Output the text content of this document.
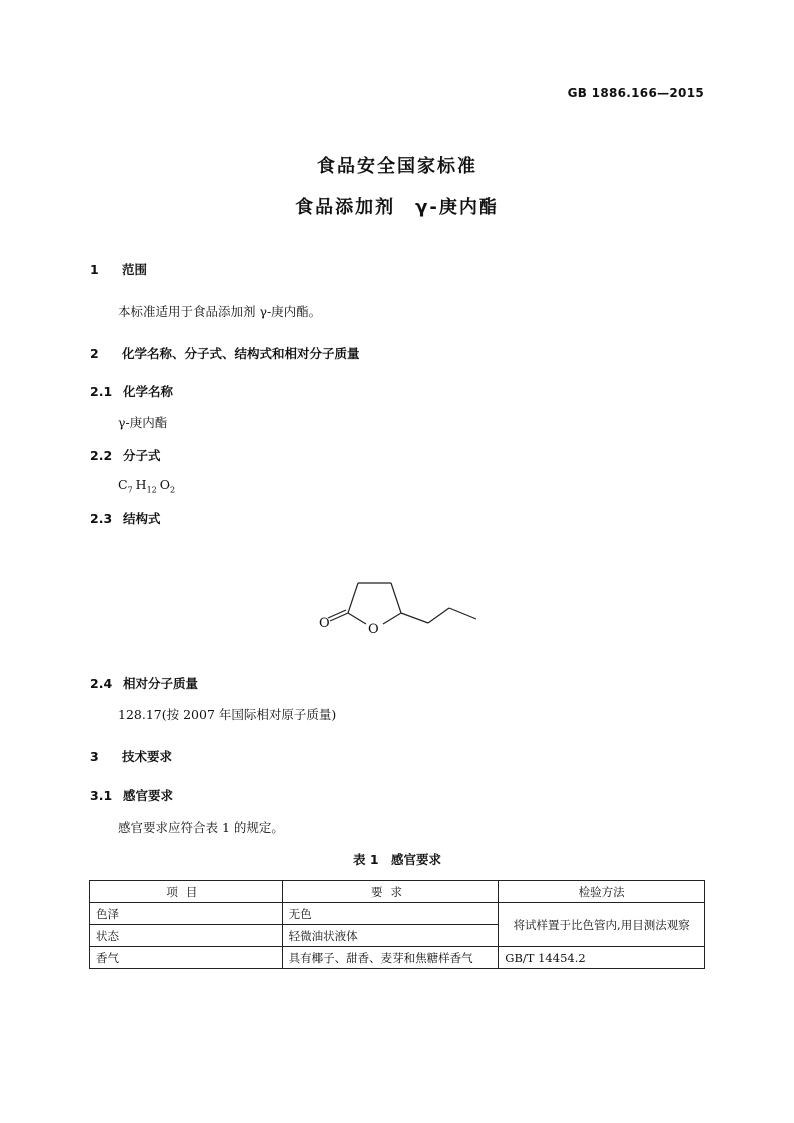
GB 1886.166—2015
食品安全国家标准
食品添加剂　γ-庚内酯
1 范围
本标准适用于食品添加剂 γ-庚内酯。
2 化学名称、分子式、结构式和相对分子质量
2.1 化学名称
γ-庚内酯
2.2 分子式
$C_7$ $H_{12}$ $O_2$
2.3 结构式
O	O
2.4 相对分子质量
128.17(按 2007 年国际相对原子质量)
3 技术要求
3.1 感官要求
感官要求应符合表 1 的规定。
表 1　感官要求
项目	要求	检验方法
色泽	无色	将试样置于比色管内,用目测法观察
状态	轻微油状液体	
香气	具有椰子、甜香、麦芽和焦糖样香气	GB/T 14454.2
